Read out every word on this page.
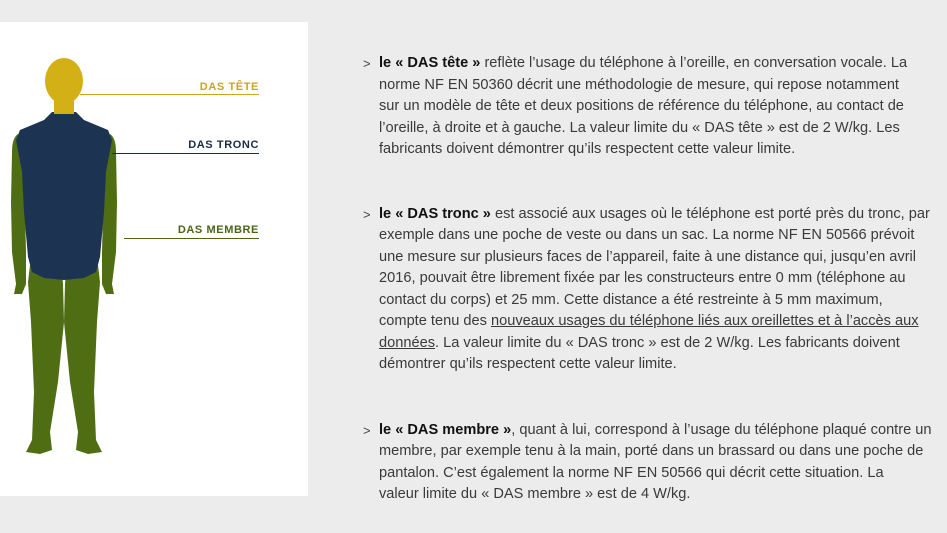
DAS TÊTE
DAS TRONC
DAS MEMBRE
> le « DAS tête » reflète l’usage du téléphone à l’oreille, en conversation vocale. La
norme NF EN 50360 décrit une méthodologie de mesure, qui repose notamment
sur un modèle de tête et deux positions de référence du téléphone, au contact de
l’oreille, à droite et à gauche. La valeur limite du « DAS tête » est de 2 W/kg. Les
fabricants doivent démontrer qu’ils respectent cette valeur limite.
> le « DAS tronc » est associé aux usages où le téléphone est porté près du tronc, par
exemple dans une poche de veste ou dans un sac. La norme NF EN 50566 prévoit
une mesure sur plusieurs faces de l’appareil, faite à une distance qui, jusqu’en avril
2016, pouvait être librement fixée par les constructeurs entre 0 mm (téléphone au
contact du corps) et 25 mm. Cette distance a été restreinte à 5 mm maximum,
compte tenu des nouveaux usages du téléphone liés aux oreillettes et à l’accès aux
données. La valeur limite du « DAS tronc » est de 2 W/kg. Les fabricants doivent
démontrer qu’ils respectent cette valeur limite.
> le « DAS membre », quant à lui, correspond à l’usage du téléphone plaqué contre un
membre, par exemple tenu à la main, porté dans un brassard ou dans une poche de
pantalon. C’est également la norme NF EN 50566 qui décrit cette situation. La
valeur limite du « DAS membre » est de 4 W/kg.
